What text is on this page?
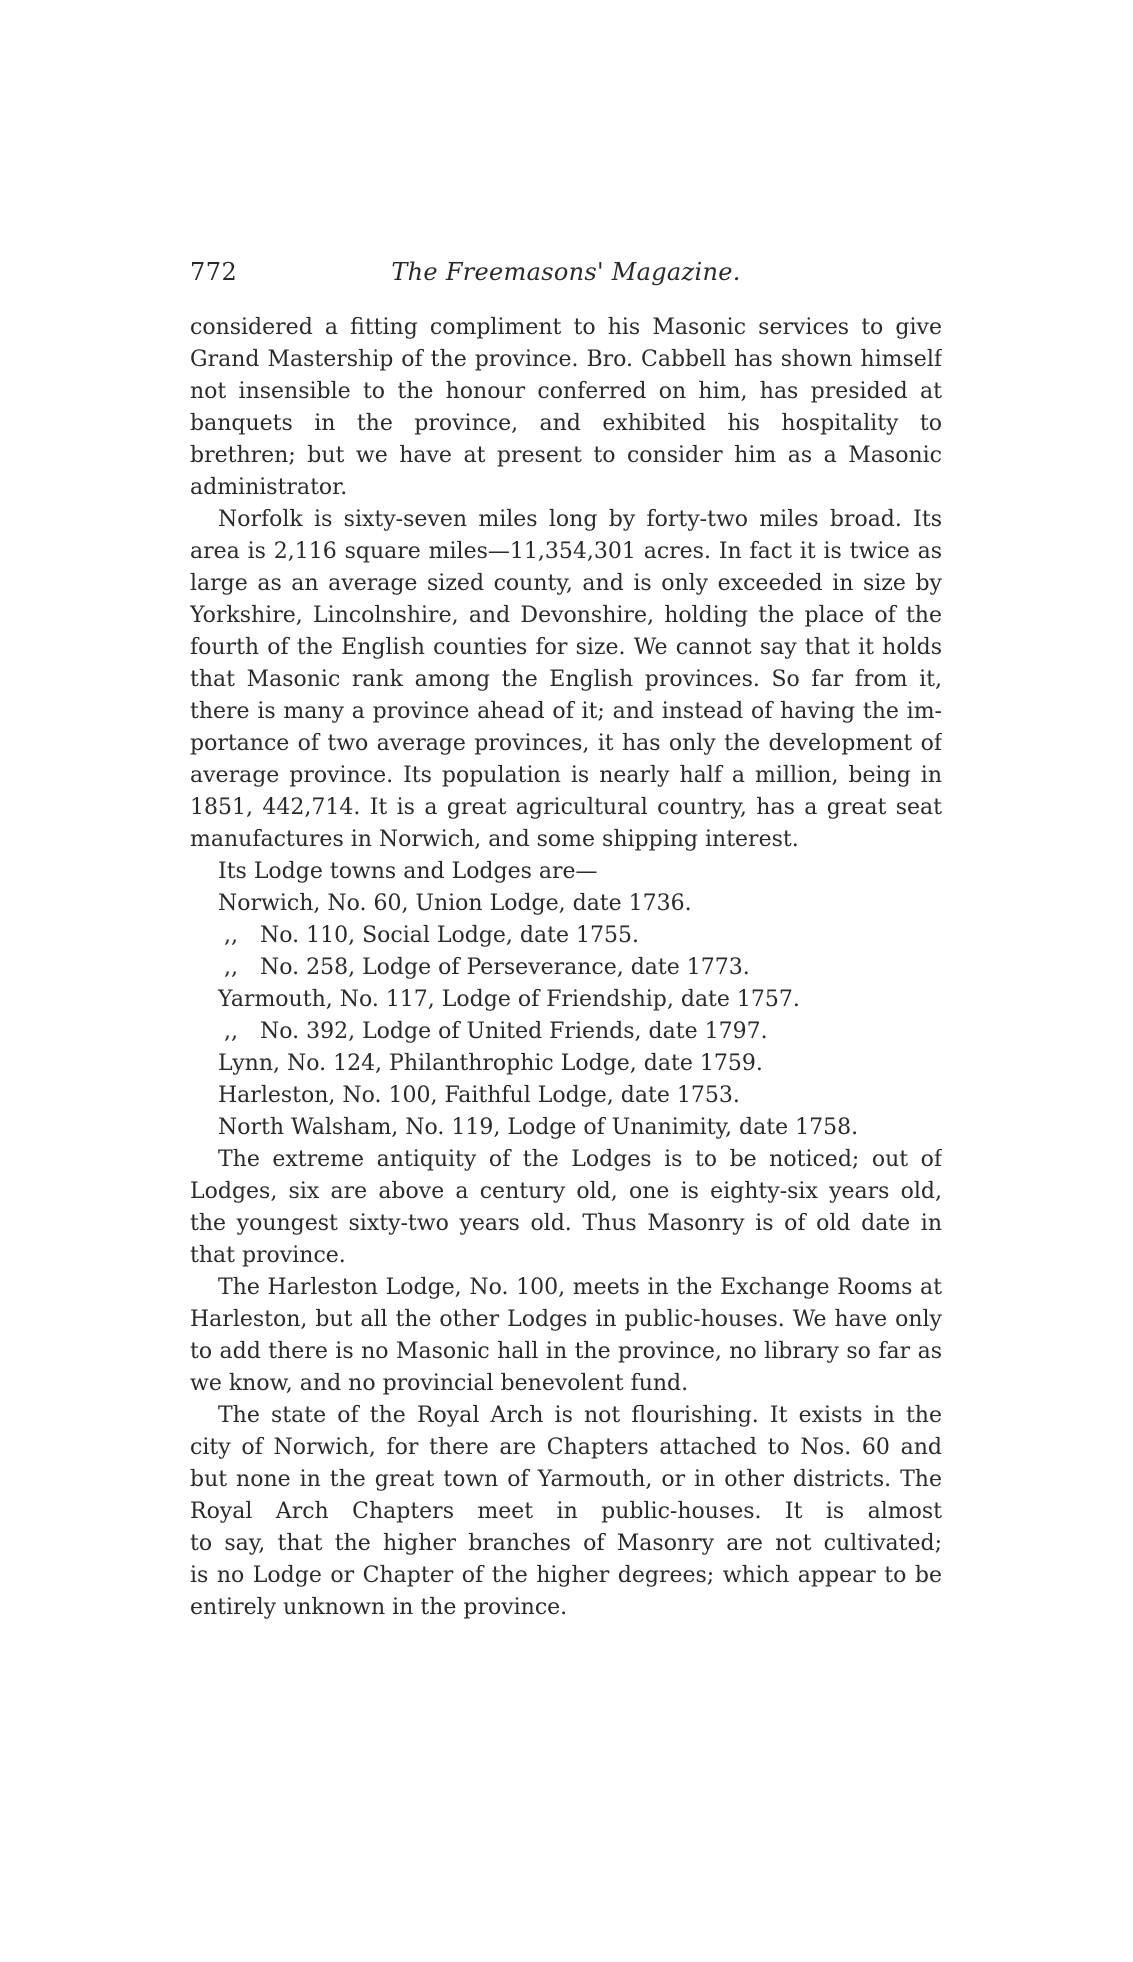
772	The Freemasons' Magazine.
considered a fitting compliment to his Masonic services to give
Grand Mastership of the province. Bro. Cabbell has shown himself
not insensible to the honour conferred on him, has presided at
banquets in the province, and exhibited his hospitality to
brethren; but we have at present to consider him as a Masonic
administrator.
Norfolk is sixty-seven miles long by forty-two miles broad. Its
area is 2,116 square miles—11,354,301 acres. In fact it is twice as
large as an average sized county, and is only exceeded in size by
Yorkshire, Lincolnshire, and Devonshire, holding the place of the
fourth of the English counties for size. We cannot say that it holds
that Masonic rank among the English provinces. So far from it,
there is many a province ahead of it; and instead of having the im-
portance of two average provinces, it has only the development of
average province. Its population is nearly half a million, being in
1851, 442,714. It is a great agricultural country, has a great seat
manufactures in Norwich, and some shipping interest.
Its Lodge towns and Lodges are—
Norwich, No. 60, Union Lodge, date 1736.
,, No. 110, Social Lodge, date 1755.
,, No. 258, Lodge of Perseverance, date 1773.
Yarmouth, No. 117, Lodge of Friendship, date 1757.
,, No. 392, Lodge of United Friends, date 1797.
Lynn, No. 124, Philanthrophic Lodge, date 1759.
Harleston, No. 100, Faithful Lodge, date 1753.
North Walsham, No. 119, Lodge of Unanimity, date 1758.
The extreme antiquity of the Lodges is to be noticed; out of
Lodges, six are above a century old, one is eighty-six years old,
the youngest sixty-two years old. Thus Masonry is of old date in
that province.
The Harleston Lodge, No. 100, meets in the Exchange Rooms at
Harleston, but all the other Lodges in public-houses. We have only
to add there is no Masonic hall in the province, no library so far as
we know, and no provincial benevolent fund.
The state of the Royal Arch is not flourishing. It exists in the
city of Norwich, for there are Chapters attached to Nos. 60 and
but none in the great town of Yarmouth, or in other districts. The
Royal Arch Chapters meet in public-houses. It is almost
to say, that the higher branches of Masonry are not cultivated;
is no Lodge or Chapter of the higher degrees; which appear to be
entirely unknown in the province.
